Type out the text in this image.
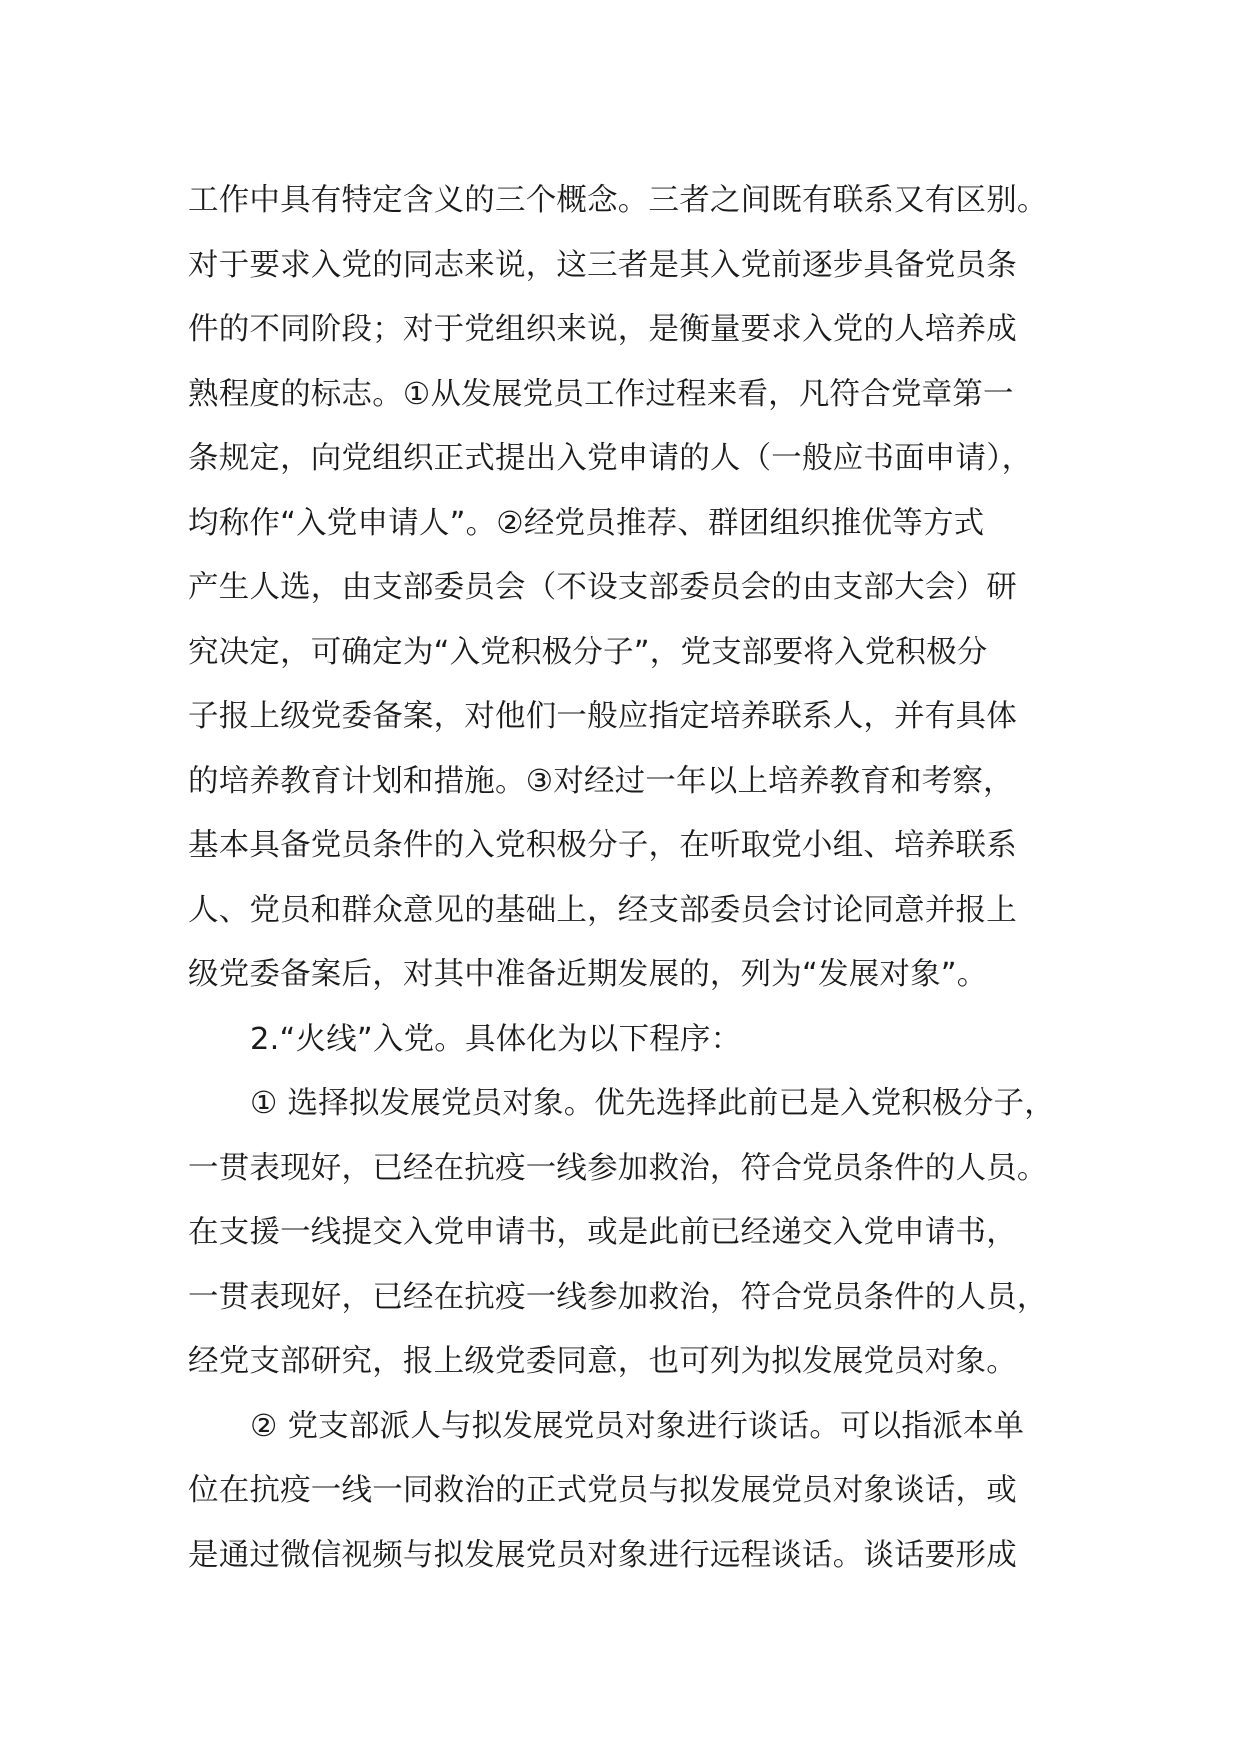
工作中具有特定含义的三个概念。三者之间既有联系又有区别。
对于要求入党的同志来说，这三者是其入党前逐步具备党员条
件的不同阶段；对于党组织来说，是衡量要求入党的人培养成
熟程度的标志。①从发展党员工作过程来看，凡符合党章第一
条规定，向党组织正式提出入党申请的人（一般应书面申请），
均称作“入党申请人”。②经党员推荐、群团组织推优等方式
产生人选，由支部委员会（不设支部委员会的由支部大会）研
究决定，可确定为“入党积极分子”，党支部要将入党积极分
子报上级党委备案，对他们一般应指定培养联系人，并有具体
的培养教育计划和措施。③对经过一年以上培养教育和考察，
基本具备党员条件的入党积极分子，在听取党小组、培养联系
人、党员和群众意见的基础上，经支部委员会讨论同意并报上
级党委备案后，对其中准备近期发展的，列为“发展对象”。

2.“火线”入党。具体化为以下程序：

① 选择拟发展党员对象。优先选择此前已是入党积极分子，
一贯表现好，已经在抗疫一线参加救治，符合党员条件的人员。
在支援一线提交入党申请书，或是此前已经递交入党申请书，
一贯表现好，已经在抗疫一线参加救治，符合党员条件的人员，
经党支部研究，报上级党委同意，也可列为拟发展党员对象。

② 党支部派人与拟发展党员对象进行谈话。可以指派本单
位在抗疫一线一同救治的正式党员与拟发展党员对象谈话，或
是通过微信视频与拟发展党员对象进行远程谈话。谈话要形成
